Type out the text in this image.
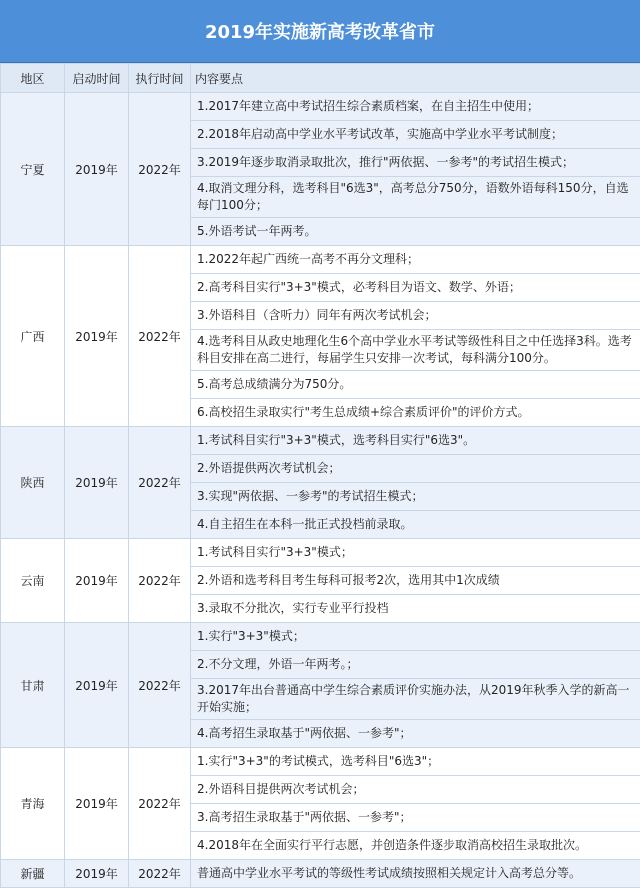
2019年实施新高考改革省市
地区	启动时间	执行时间	内容要点
宁夏	2019年	2022年	1.2017年建立高中考试招生综合素质档案，在自主招生中使用；
			2.2018年启动高中学业水平考试改革，实施高中学业水平考试制度；
			3.2019年逐步取消录取批次，推行"两依据、一参考"的考试招生模式；
			4.取消文理分科，选考科目"6选3"，高考总分750分，语数外语每科150分，自选每门100分；
			5.外语考试一年两考。
广西	2019年	2022年	1.2022年起广西统一高考不再分文理科；
			2.高考科目实行"3+3"模式，必考科目为语文、数学、外语；
			3.外语科目（含听力）同年有两次考试机会；
			4.选考科目从政史地理化生6个高中学业水平考试等级性科目之中任选择3科。选考科目安排在高二进行，每届学生只安排一次考试，每科满分100分。
			5.高考总成绩满分为750分。
			6.高校招生录取实行"考生总成绩+综合素质评价"的评价方式。
陕西	2019年	2022年	1.考试科目实行"3+3"模式，选考科目实行"6选3"。
			2.外语提供两次考试机会；
			3.实现"两依据、一参考"的考试招生模式；
			4.自主招生在本科一批正式投档前录取。
云南	2019年	2022年	1.考试科目实行"3+3"模式；
			2.外语和选考科目考生每科可报考2次，选用其中1次成绩
			3.录取不分批次，实行专业平行投档
甘肃	2019年	2022年	1.实行"3+3"模式；
			2.不分文理，外语一年两考。；
			3.2017年出台普通高中学生综合素质评价实施办法，从2019年秋季入学的新高一开始实施；
			4.高考招生录取基于"两依据、一参考"；
青海	2019年	2022年	1.实行"3+3"的考试模式，选考科目"6选3"；
			2.外语科目提供两次考试机会；
			3.高考招生录取基于"两依据、一参考"；
			4.2018年在全面实行平行志愿，并创造条件逐步取消高校招生录取批次。
新疆	2019年	2022年	普通高中学业水平考试的等级性考试成绩按照相关规定计入高考总分等。
